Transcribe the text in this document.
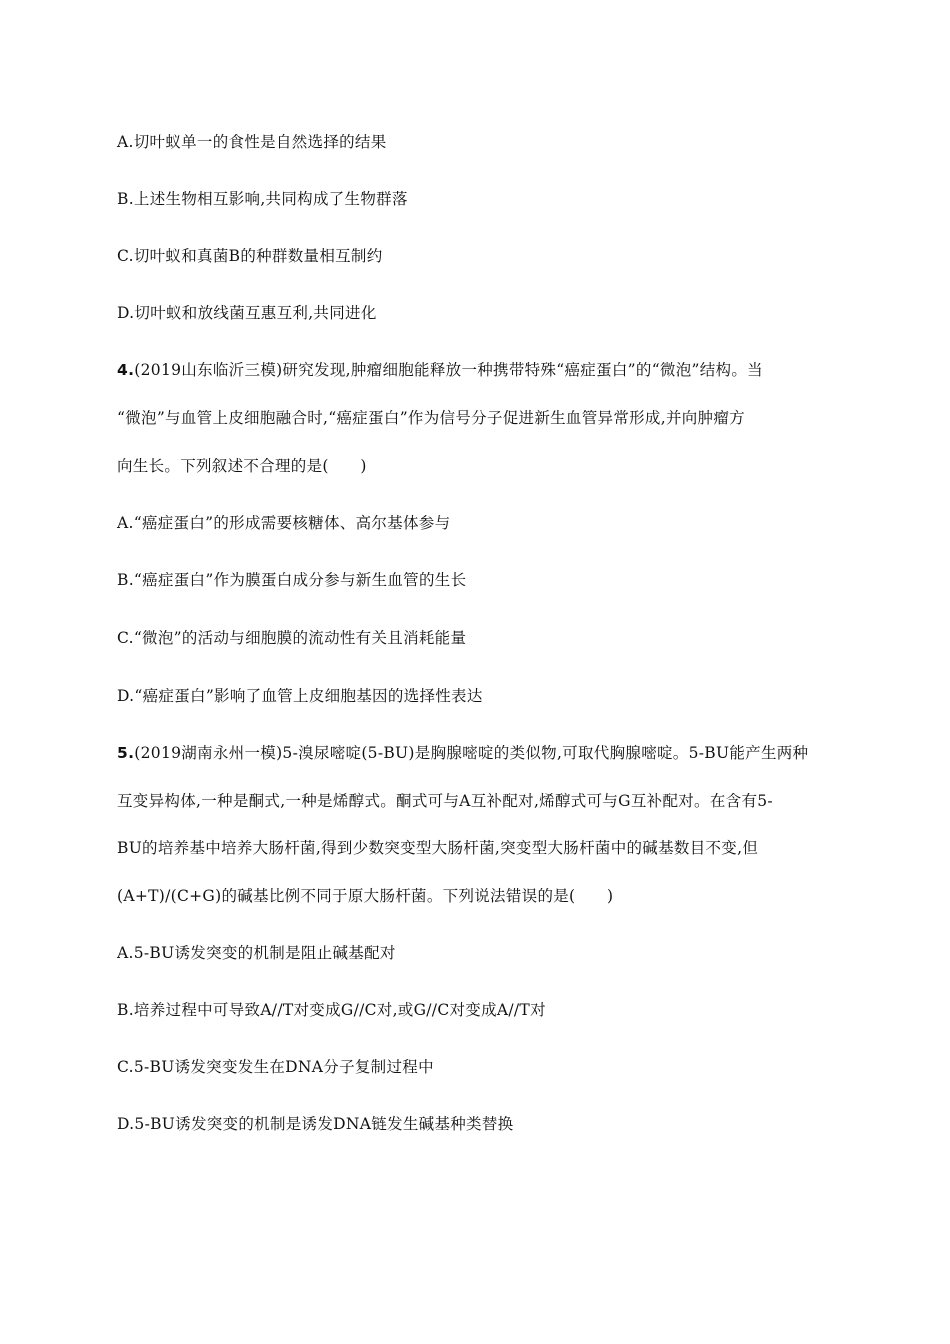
A.切叶蚁单一的食性是自然选择的结果
B.上述生物相互影响,共同构成了生物群落
C.切叶蚁和真菌B的种群数量相互制约
D.切叶蚁和放线菌互惠互利,共同进化
4.(2019山东临沂三模)研究发现,肿瘤细胞能释放一种携带特殊“癌症蛋白”的“微泡”结构。当
“微泡”与血管上皮细胞融合时,“癌症蛋白”作为信号分子促进新生血管异常形成,并向肿瘤方
向生长。下列叙述不合理的是(　　)
A.“癌症蛋白”的形成需要核糖体、高尔基体参与
B.“癌症蛋白”作为膜蛋白成分参与新生血管的生长
C.“微泡”的活动与细胞膜的流动性有关且消耗能量
D.“癌症蛋白”影响了血管上皮细胞基因的选择性表达
5.(2019湖南永州一模)5-溴尿嘧啶(5-BU)是胸腺嘧啶的类似物,可取代胸腺嘧啶。5-BU能产生两种
互变异构体,一种是酮式,一种是烯醇式。酮式可与A互补配对,烯醇式可与G互补配对。在含有5-
BU的培养基中培养大肠杆菌,得到少数突变型大肠杆菌,突变型大肠杆菌中的碱基数目不变,但
(A+T)/(C+G)的碱基比例不同于原大肠杆菌。下列说法错误的是(　　)
A.5-BU诱发突变的机制是阻止碱基配对
B.培养过程中可导致A//T对变成G//C对,或G//C对变成A//T对
C.5-BU诱发突变发生在DNA分子复制过程中
D.5-BU诱发突变的机制是诱发DNA链发生碱基种类替换
